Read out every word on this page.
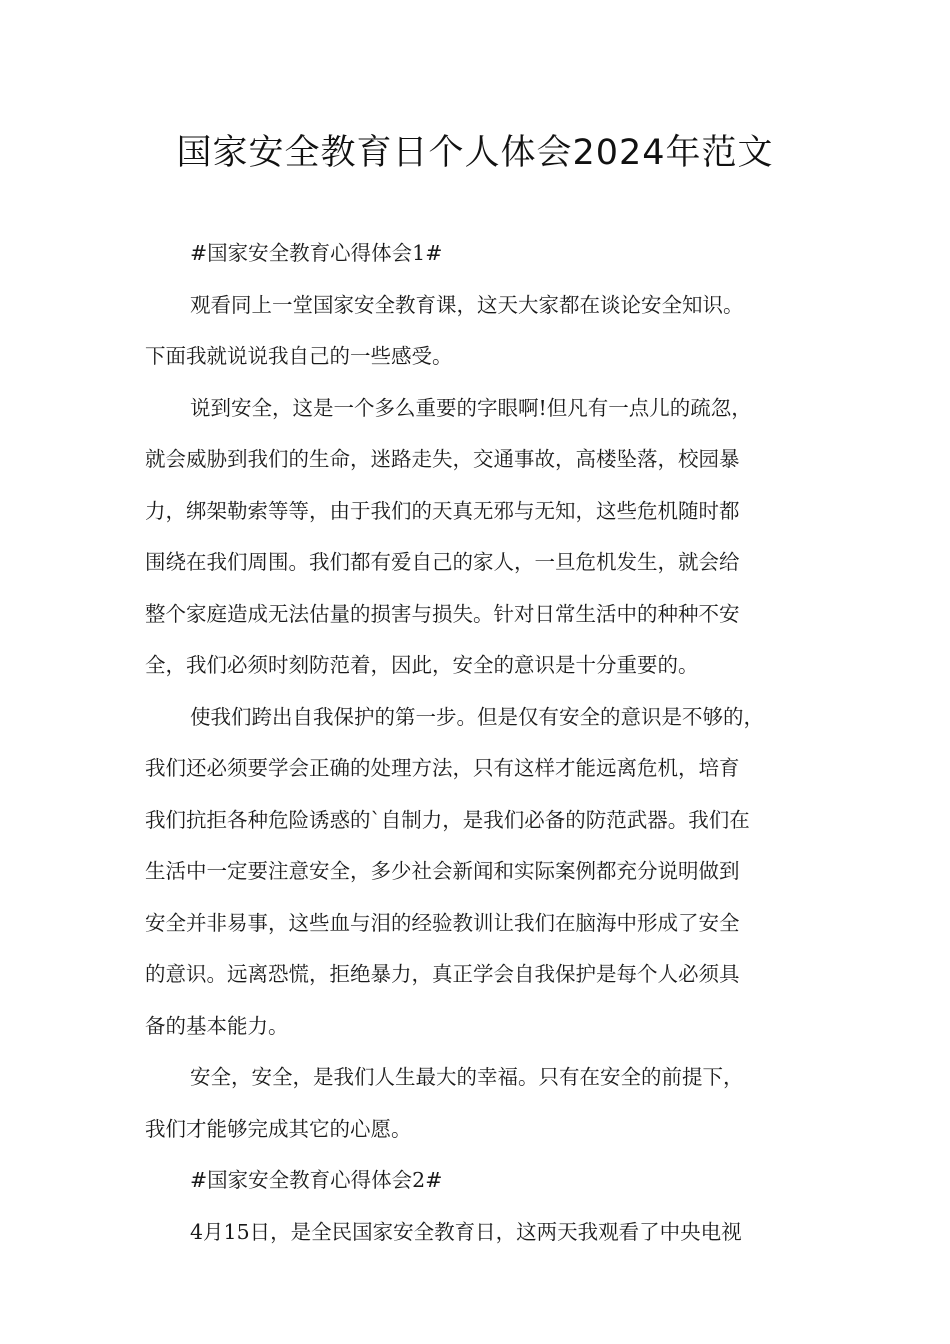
国家安全教育日个人体会2024年范文
#国家安全教育心得体会1#
观看同上一堂国家安全教育课，这天大家都在谈论安全知识。
下面我就说说我自己的一些感受。
说到安全，这是一个多么重要的字眼啊!但凡有一点儿的疏忽，
就会威胁到我们的生命，迷路走失，交通事故，高楼坠落，校园暴
力，绑架勒索等等，由于我们的天真无邪与无知，这些危机随时都
围绕在我们周围。我们都有爱自己的家人，一旦危机发生，就会给
整个家庭造成无法估量的损害与损失。针对日常生活中的种种不安
全，我们必须时刻防范着，因此，安全的意识是十分重要的。
使我们跨出自我保护的第一步。但是仅有安全的意识是不够的，
我们还必须要学会正确的处理方法，只有这样才能远离危机，培育
我们抗拒各种危险诱惑的`自制力，是我们必备的防范武器。我们在
生活中一定要注意安全，多少社会新闻和实际案例都充分说明做到
安全并非易事，这些血与泪的经验教训让我们在脑海中形成了安全
的意识。远离恐慌，拒绝暴力，真正学会自我保护是每个人必须具
备的基本能力。
安全，安全，是我们人生最大的幸福。只有在安全的前提下，
我们才能够完成其它的心愿。
#国家安全教育心得体会2#
4月15日，是全民国家安全教育日，这两天我观看了中央电视
